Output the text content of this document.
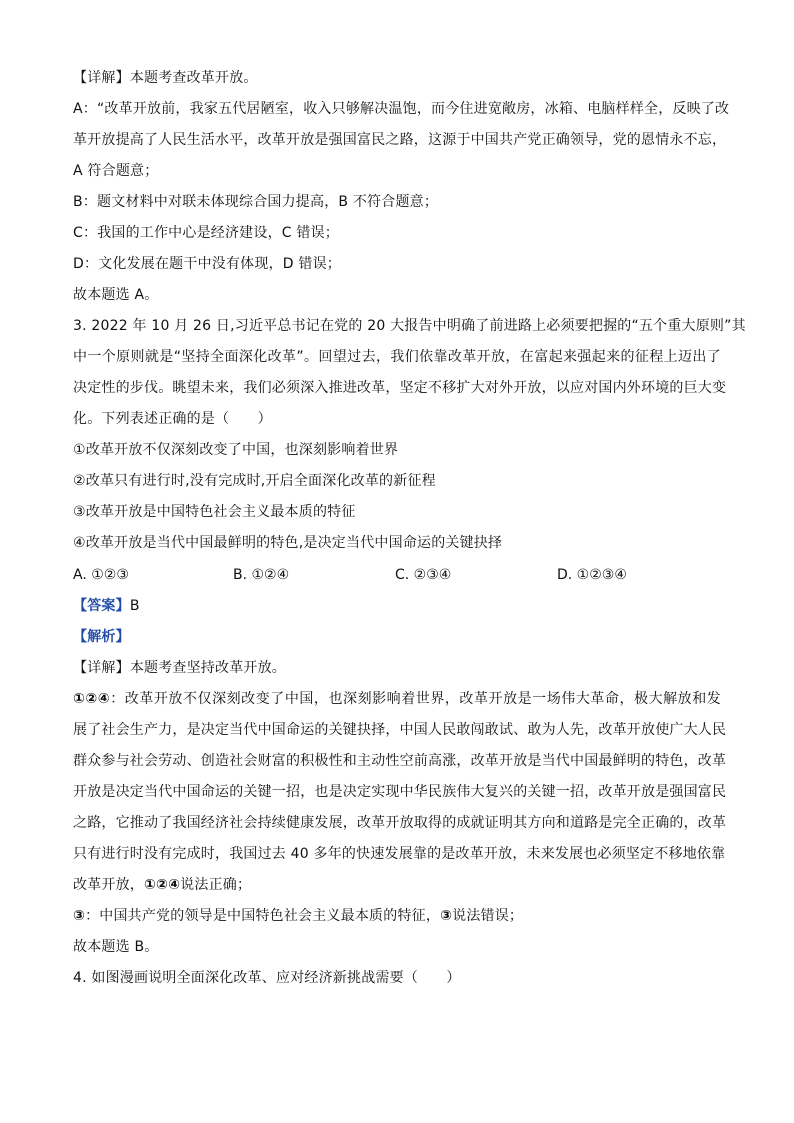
【详解】本题考查改革开放。
A：“改革开放前，我家五代居陋室，收入只够解决温饱，而今住进宽敞房，冰箱、电脑样样全，反映了改
革开放提高了人民生活水平，改革开放是强国富民之路，这源于中国共产党正确领导，党的恩情永不忘，
A 符合题意；
B：题文材料中对联未体现综合国力提高，B 不符合题意；
C：我国的工作中心是经济建设，C 错误；
D：文化发展在题干中没有体现，D 错误；
故本题选 A。
3. 2022 年 10 月 26 日,习近平总书记在党的 20 大报告中明确了前进路上必须要把握的“五个重大原则”其
中一个原则就是“坚持全面深化改革”。回望过去，我们依靠改革开放，在富起来强起来的征程上迈出了
决定性的步伐。眺望未来，我们必须深入推进改革，坚定不移扩大对外开放，以应对国内外环境的巨大变
化。下列表述正确的是（　　）
①改革开放不仅深刻改变了中国，也深刻影响着世界
②改革只有进行时,没有完成时,开启全面深化改革的新征程
③改革开放是中国特色社会主义最本质的特征
④改革开放是当代中国最鲜明的特色,是决定当代中国命运的关键抉择
A. ①②③	B. ①②④	C. ②③④	D. ①②③④
【答案】B
【解析】
【详解】本题考查坚持改革开放。
①②④：改革开放不仅深刻改变了中国，也深刻影响着世界，改革开放是一场伟大革命，极大解放和发
展了社会生产力，是决定当代中国命运的关键抉择，中国人民敢闯敢试、敢为人先，改革开放使广大人民
群众参与社会劳动、创造社会财富的积极性和主动性空前高涨，改革开放是当代中国最鲜明的特色，改革
开放是决定当代中国命运的关键一招，也是决定实现中华民族伟大复兴的关键一招，改革开放是强国富民
之路，它推动了我国经济社会持续健康发展，改革开放取得的成就证明其方向和道路是完全正确的，改革
只有进行时没有完成时，我国过去 40 多年的快速发展靠的是改革开放，未来发展也必须坚定不移地依靠
改革开放，①②④说法正确；
③：中国共产党的领导是中国特色社会主义最本质的特征，③说法错误；
故本题选 B。
4. 如图漫画说明全面深化改革、应对经济新挑战需要（　　）
